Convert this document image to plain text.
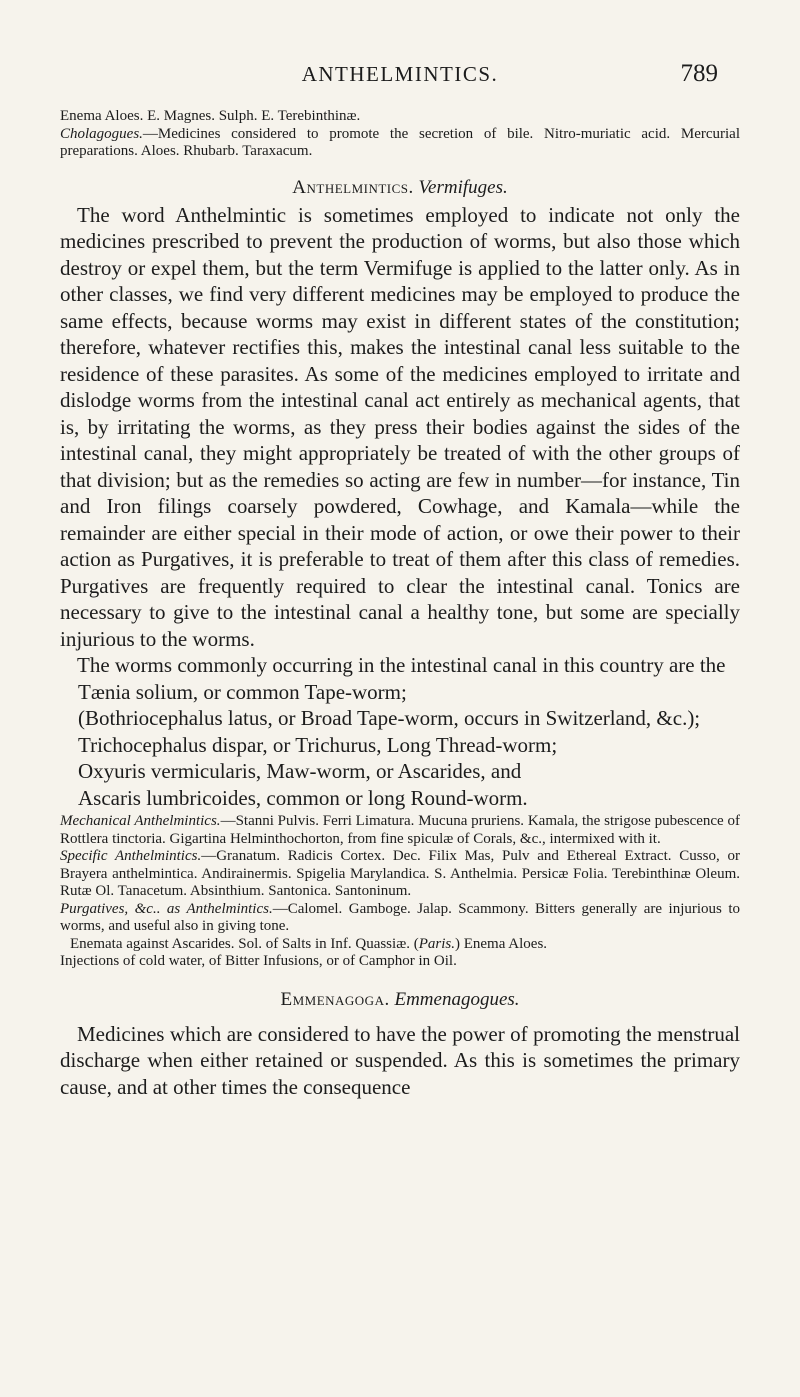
ANTHELMINTICS.	789

Enema Aloes. E. Magnes. Sulph. E. Terebinthinæ.

Cholagogues.—Medicines considered to promote the secretion of bile. Nitro-muriatic acid. Mercurial preparations. Aloes. Rhubarb. Taraxacum.

Anthelmintics. Vermifuges.

The word Anthelmintic is sometimes employed to indicate not only the medicines prescribed to prevent the production of worms, but also those which destroy or expel them, but the term Vermifuge is applied to the latter only. As in other classes, we find very different medicines may be employed to produce the same effects, because worms may exist in different states of the constitution; therefore, whatever rectifies this, makes the intestinal canal less suitable to the residence of these parasites. As some of the medicines employed to irritate and dislodge worms from the intestinal canal act entirely as mechanical agents, that is, by irritating the worms, as they press their bodies against the sides of the intestinal canal, they might appropriately be treated of with the other groups of that division; but as the remedies so acting are few in number—for instance, Tin and Iron filings coarsely powdered, Cowhage, and Kamala—while the remainder are either special in their mode of action, or owe their power to their action as Purgatives, it is preferable to treat of them after this class of remedies. Purgatives are frequently required to clear the intestinal canal. Tonics are necessary to give to the intestinal canal a healthy tone, but some are specially injurious to the worms.

The worms commonly occurring in the intestinal canal in this country are the

Tænia solium, or common Tape-worm;
(Bothriocephalus latus, or Broad Tape-worm, occurs in Switzerland, &c.);
Trichocephalus dispar, or Trichurus, Long Thread-worm;
Oxyuris vermicularis, Maw-worm, or Ascarides, and
Ascaris lumbricoides, common or long Round-worm.

Mechanical Anthelmintics.—Stanni Pulvis. Ferri Limatura. Mucuna pruriens. Kamala, the strigose pubescence of Rottlera tinctoria. Gigartina Helminthochorton, from fine spiculæ of Corals, &c., intermixed with it.

Specific Anthelmintics.—Granatum. Radicis Cortex. Dec. Filix Mas, Pulv and Ethereal Extract. Cusso, or Brayera anthelmintica. Andirainermis. Spigelia Marylandica. S. Anthelmia. Persicæ Folia. Terebinthinæ Oleum. Rutæ Ol. Tanacetum. Absinthium. Santonica. Santoninum.

Purgatives, &c.. as Anthelmintics.—Calomel. Gamboge. Jalap. Scammony. Bitters generally are injurious to worms, and useful also in giving tone.

Enemata against Ascarides. Sol. of Salts in Inf. Quassiæ. (Paris.) Enema Aloes.

Injections of cold water, of Bitter Infusions, or of Camphor in Oil.

Emmenagoga. Emmenagogues.

Medicines which are considered to have the power of promoting the menstrual discharge when either retained or suspended. As this is sometimes the primary cause, and at other times the consequence
